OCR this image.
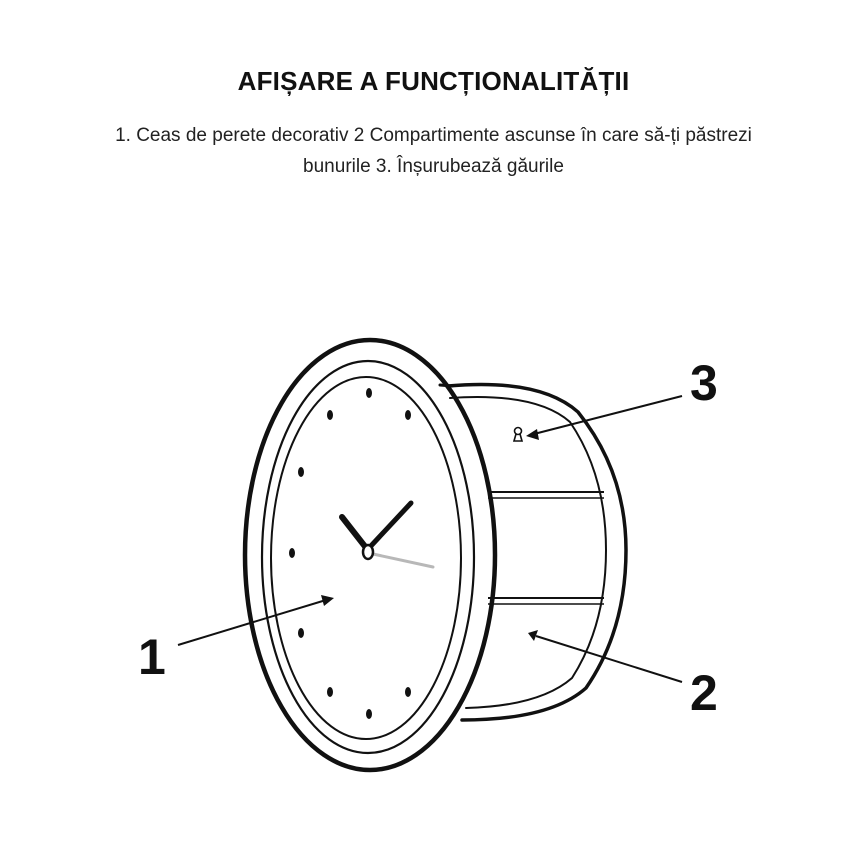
AFIȘARE A FUNCȚIONALITĂȚII
1. Ceas de perete decorativ 2 Compartimente ascunse în care să-ți păstrezi bunurile 3. Înșurubează găurile
1
2
3
